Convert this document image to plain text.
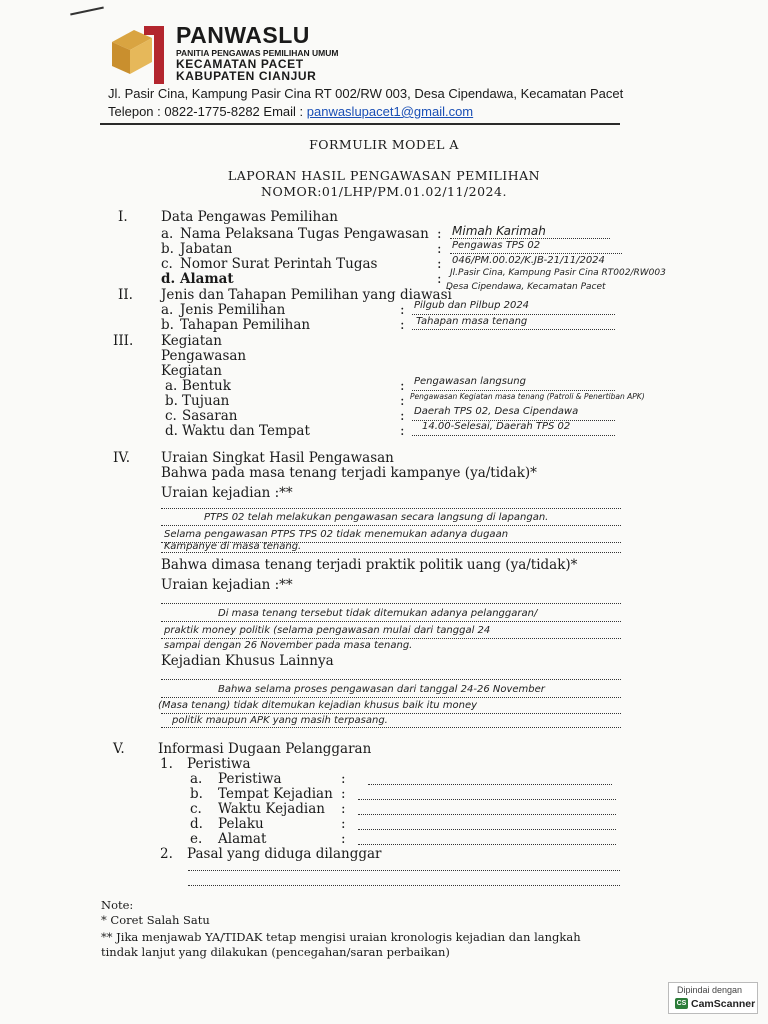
PANWASLU
PANITIA PENGAWAS PEMILIHAN UMUM
KECAMATAN PACET
KABUPATEN CIANJUR
Jl. Pasir Cina, Kampung Pasir Cina RT 002/RW 003, Desa Cipendawa, Kecamatan Pacet
Telepon : 0822-1775-8282 Email : panwaslupacet1@gmail.com
FORMULIR MODEL A
LAPORAN HASIL PENGAWASAN PEMILIHAN
NOMOR:01/LHP/PM.01.02/11/2024.
I. Data Pengawas Pemilihan
a. Nama Pelaksana Tugas Pengawasan : Mimah Karimah
b. Jabatan	: Pengawas TPS 02
c. Nomor Surat Perintah Tugas	: 046/PM.00.02/K.JB-21/11/2024
d. Alamat	: Jl.Pasir Cina, Kampung Pasir Cina RT002/RW003
Desa Cipendawa, Kecamatan Pacet
II. Jenis dan Tahapan Pemilihan yang diawasi
a. Jenis Pemilihan	: Pilgub dan Pilbup 2024
b. Tahapan Pemilihan	: Tahapan masa tenang
III. Kegiatan
Pengawasan
Kegiatan
a. Bentuk	: Pengawasan langsung
b. Tujuan	: Pengawasan Kegiatan masa tenang (Patroli & Penertiban APK)
c. Sasaran	: Daerah TPS 02, Desa Cipendawa
d. Waktu dan Tempat	: 14.00-Selesai, Daerah TPS 02
IV. Uraian Singkat Hasil Pengawasan
Bahwa pada masa tenang terjadi kampanye (ya/tidak)*
Uraian kejadian :**
PTPS 02 telah melakukan pengawasan secara langsung di lapangan.
Selama pengawasan PTPS TPS 02 tidak menemukan adanya dugaan
Kampanye di masa tenang.
Bahwa dimasa tenang terjadi praktik politik uang (ya/tidak)*
Uraian kejadian :**
Di masa tenang tersebut tidak ditemukan adanya pelanggaran/
praktik money politik (selama pengawasan mulai dari tanggal 24
sampai dengan 26 November pada masa tenang.
Kejadian Khusus Lainnya
Bahwa selama proses pengawasan dari tanggal 24-26 November
(Masa tenang) tidak ditemukan kejadian khusus baik itu money
politik maupun APK yang masih terpasang.
V. Informasi Dugaan Pelanggaran
1. Peristiwa
a. Peristiwa	:
b. Tempat Kejadian :
c. Waktu Kejadian :
d. Pelaku	:
e. Alamat	:
2. Pasal yang diduga dilanggar
Note:
* Coret Salah Satu
** Jika menjawab YA/TIDAK tetap mengisi uraian kronologis kejadian dan langkah
tindak lanjut yang dilakukan (pencegahan/saran perbaikan)
Dipindai dengan
CS CamScanner
